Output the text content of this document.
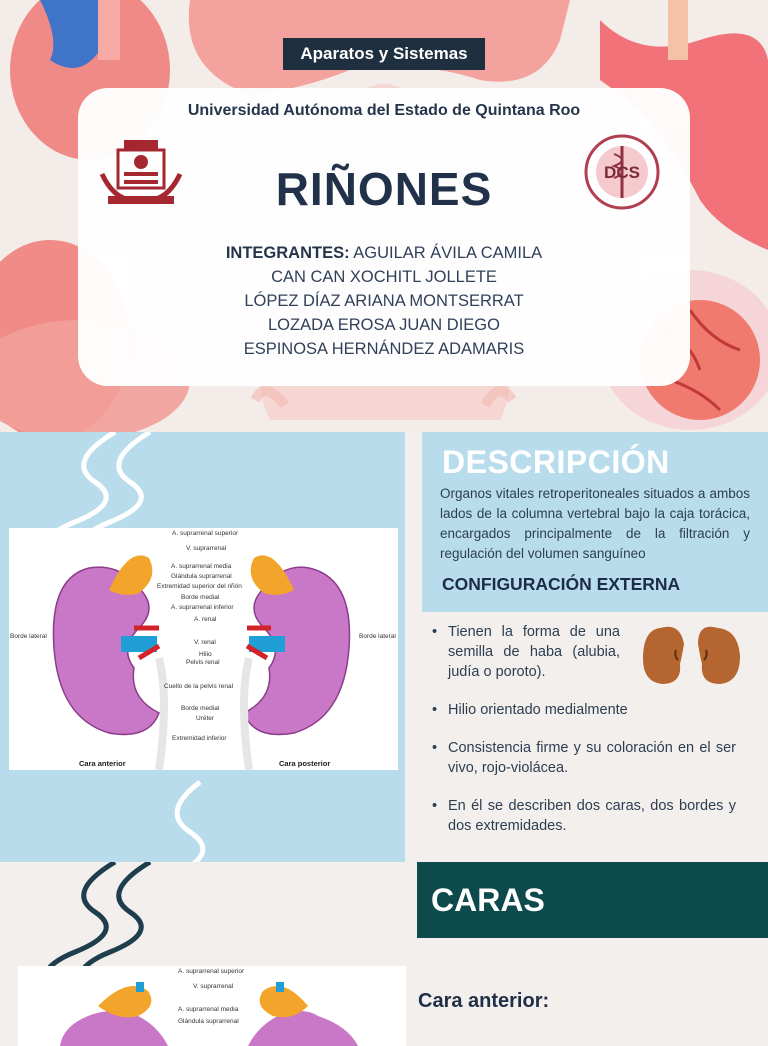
Aparatos y Sistemas
Universidad Autónoma del Estado de Quintana Roo
RIÑONES	DCS
INTEGRANTES: AGUILAR ÁVILA CAMILA
CAN CAN XOCHITL JOLLETE
LÓPEZ DÍAZ ARIANA MONTSERRAT
LOZADA EROSA JUAN DIEGO
ESPINOSA HERNÁNDEZ ADAMARIS
A. suprarrenal superior
V. suprarrenal
A. suprarrenal media
Glándula suprarrenal
Extremidad superior del riñón
Borde medial
A. suprarrenal inferior
A. renal
V. renal
Hilio
Pelvis renal
Cuello de la pelvis renal
Borde medial
Uréter
Extremidad inferior
Borde lateral	Borde lateral
Cara anterior	Cara posterior
DESCRIPCIÓN
Organos vitales retroperitoneales situados a ambos lados de la columna vertebral bajo la caja torácica, encargados principalmente de la filtración y regulación del volumen sanguíneo
CONFIGURACIÓN EXTERNA
• Tienen la forma de una semilla de haba (alubia, judía o poroto).
• Hilio orientado medialmente
• Consistencia firme y su coloración en el ser vivo, rojo-violácea.
• En él se describen dos caras, dos bordes y dos extremidades.
CARAS
Cara anterior:
A. suprarrenal superior
V. suprarrenal
A. suprarrenal media
Glándula suprarrenal
